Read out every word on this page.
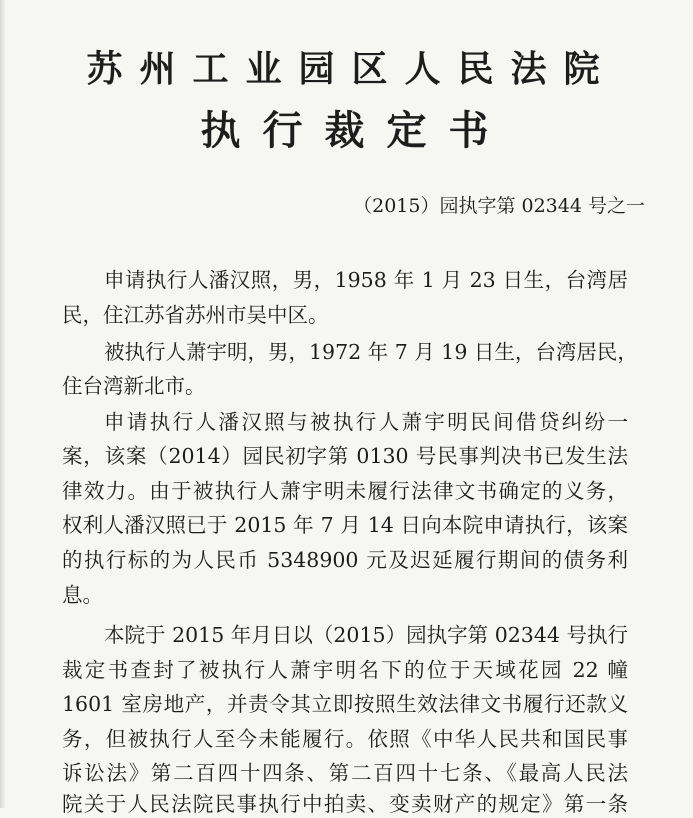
苏州工业园区人民法院
执行裁定书
（2015）园执字第 02344 号之一
申请执行人潘汉照，男，1958 年 1 月 23 日生，台湾居
民，住江苏省苏州市吴中区。
被执行人萧宇明，男，1972 年 7 月 19 日生，台湾居民，
住台湾新北市。
申请执行人潘汉照与被执行人萧宇明民间借贷纠纷一
案，该案（2014）园民初字第 0130 号民事判决书已发生法
律效力。由于被执行人萧宇明未履行法律文书确定的义务，
权利人潘汉照已于 2015 年 7 月 14 日向本院申请执行，该案
的执行标的为人民币 5348900 元及迟延履行期间的债务利
息。
本院于 2015 年月日以（2015）园执字第 02344 号执行
裁定书查封了被执行人萧宇明名下的位于天域花园 22 幢
1601 室房地产，并责令其立即按照生效法律文书履行还款义
务，但被执行人至今未能履行。依照《中华人民共和国民事
诉讼法》第二百四十四条、第二百四十七条、《最高人民法
院关于人民法院民事执行中拍卖、变卖财产的规定》第一条
